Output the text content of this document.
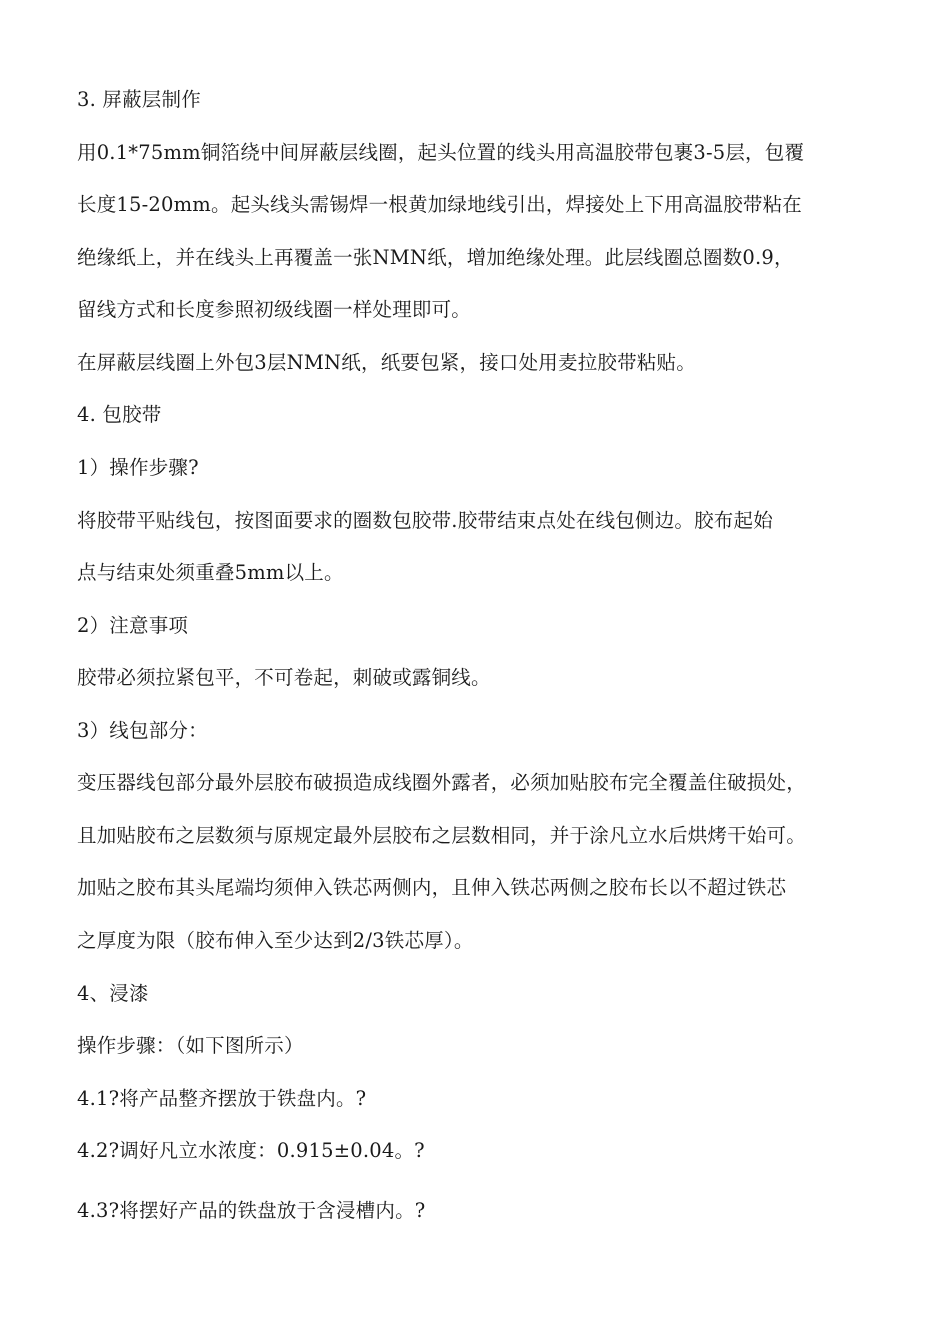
3. 屏蔽层制作
用0.1*75mm铜箔绕中间屏蔽层线圈，起头位置的线头用高温胶带包裹3-5层，包覆
长度15-20mm。起头线头需锡焊一根黄加绿地线引出，焊接处上下用高温胶带粘在
绝缘纸上，并在线头上再覆盖一张NMN纸，增加绝缘处理。此层线圈总圈数0.9，
留线方式和长度参照初级线圈一样处理即可。
在屏蔽层线圈上外包3层NMN纸，纸要包紧，接口处用麦拉胶带粘贴。
4. 包胶带
1）操作步骤?
将胶带平贴线包，按图面要求的圈数包胶带.胶带结束点处在线包侧边。胶布起始
点与结束处须重叠5mm以上。
2）注意事项
胶带必须拉紧包平，不可卷起，刺破或露铜线。
3）线包部分：
变压器线包部分最外层胶布破损造成线圈外露者，必须加贴胶布完全覆盖住破损处，
且加贴胶布之层数须与原规定最外层胶布之层数相同，并于涂凡立水后烘烤干始可。
加贴之胶布其头尾端均须伸入铁芯两侧内，且伸入铁芯两侧之胶布长以不超过铁芯
之厚度为限（胶布伸入至少达到2/3铁芯厚）。
4、浸漆
操作步骤：（如下图所示）
4.1?将产品整齐摆放于铁盘内。?
4.2?调好凡立水浓度：0.915±0.04。?
4.3?将摆好产品的铁盘放于含浸槽内。?
